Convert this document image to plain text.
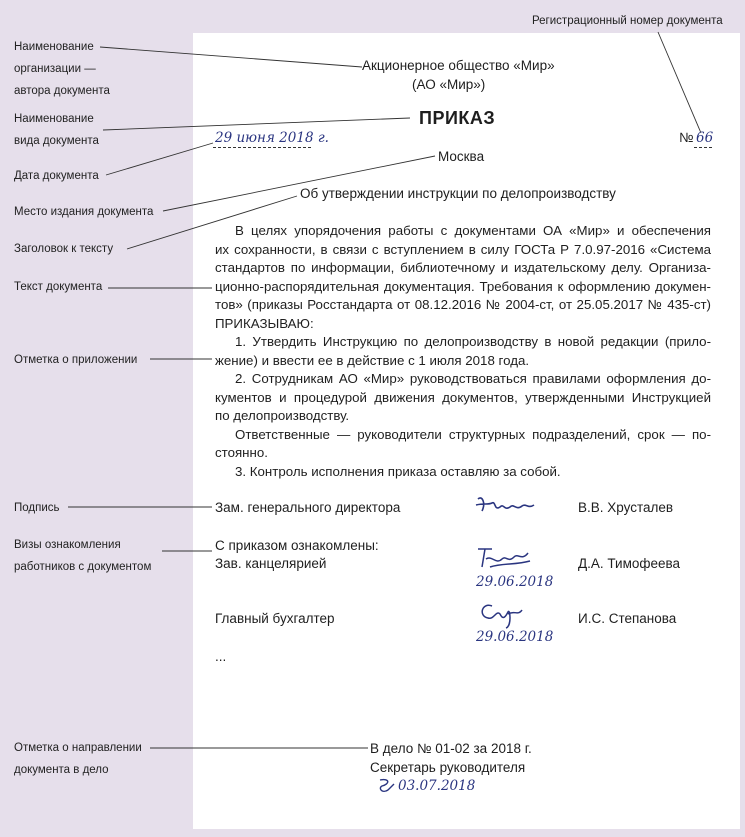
Наименование
организации —
автора документа
Наименование
вида документа
Дата документа
Место издания документа
Заголовок к тексту
Текст документа
Отметка о приложении
Подпись
Визы ознакомления
работников с документом
Отметка о направлении
документа в дело
Регистрационный номер документа
Акционерное общество «Мир»
(АО «Мир»)
ПРИКАЗ
29 июня 2018 г.	№ 66
Москва
Об утверждении инструкции по делопроизводству
В целях упорядочения работы с документами ОА «Мир» и обеспечения
их сохранности, в связи с вступлением в силу ГОСТа Р 7.0.97-2016 «Система
стандартов по информации, библиотечному и издательскому делу. Организа-
ционно-распорядительная документация. Требования к оформлению докумен-
тов» (приказы Росстандарта от 08.12.2016 № 2004-ст, от 25.05.2017 № 435-ст)
ПРИКАЗЫВАЮ:
1. Утвердить Инструкцию по делопроизводству в новой редакции (прило-
жение) и ввести ее в действие с 1 июля 2018 года.
2. Сотрудникам АО «Мир» руководствоваться правилами оформления до-
кументов и процедурой движения документов, утвержденными Инструкцией
по делопроизводству.
Ответственные — руководители структурных подразделений, срок — по-
стоянно.
3. Контроль исполнения приказа оставляю за собой.
Зам. генерального директора	В.В. Хрусталев
С приказом ознакомлены:
Зав. канцелярией
29.06.2018
Д.А. Тимофеева
Главный бухгалтер
29.06.2018
И.С. Степанова
...
В дело № 01-02 за 2018 г.
Секретарь руководителя
03.07.2018
